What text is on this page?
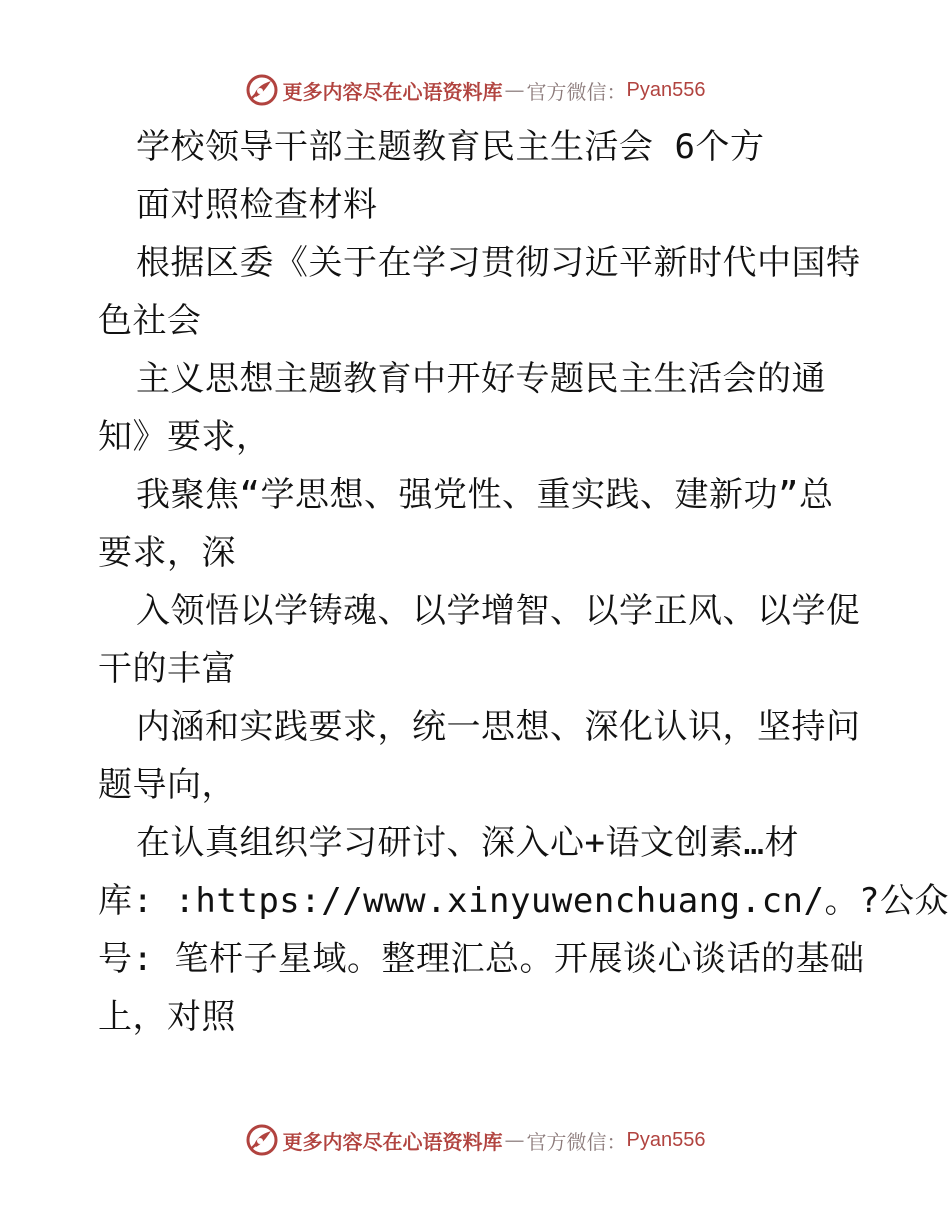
更多内容尽在心语资料库 — 官方微信： Pyan556
学校领导干部主题教育民主生活会 6个方
面对照检查材料
根据区委《关于在学习贯彻习近平新时代中国特
色社会
主义思想主题教育中开好专题民主生活会的通
知》要求，
我聚焦“学思想、强党性、重实践、建新功”总
要求，深
入领悟以学铸魂、以学增智、以学正风、以学促
干的丰富
内涵和实践要求，统一思想、深化认识，坚持问
题导向，
在认真组织学习研讨、深入心+语文创素…材
库: :https://www.xinyuwenchuang.cn/。?公众
号: 笔杆子星域。整理汇总。开展谈心谈话的基础
上，对照
更多内容尽在心语资料库 — 官方微信： Pyan556
